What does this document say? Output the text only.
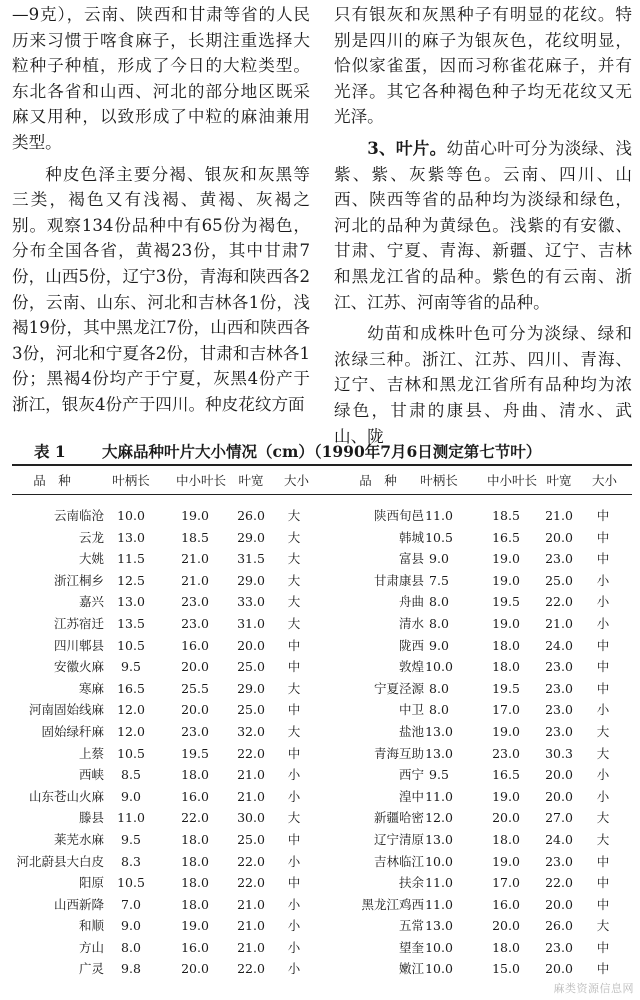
—9克），云南、陕西和甘肃等省的人民历来习惯于喀食麻子，长期注重选择大粒种子种植，形成了今日的大粒类型。东北各省和山西、河北的部分地区既采麻又用种，以致形成了中粒的麻油兼用类型。

种皮色泽主要分褐、银灰和灰黑等三类，褐色又有浅褐、黄褐、灰褐之别。观察134份品种中有65份为褐色，分布全国各省，黄褐23份，其中甘肃7份，山西5份，辽宁3份，青海和陕西各2份，云南、山东、河北和吉林各1份，浅褐19份，其中黑龙江7份，山西和陕西各3份，河北和宁夏各2份，甘肃和吉林各1份；黑褐4份均产于宁夏，灰黑4份产于浙江，银灰4份产于四川。种皮花纹方面

只有银灰和灰黑种子有明显的花纹。特别是四川的麻子为银灰色，花纹明显，恰似家雀蛋，因而习称雀花麻子，并有光泽。其它各种褐色种子均无花纹又无光泽。

3、叶片。幼苗心叶可分为淡绿、浅紫、紫、灰紫等色。云南、四川、山西、陕西等省的品种均为淡绿和绿色，河北的品种为黄绿色。浅紫的有安徽、甘肃、宁夏、青海、新疆、辽宁、吉林和黑龙江省的品种。紫色的有云南、浙江、江苏、河南等省的品种。

幼苗和成株叶色可分为淡绿、绿和浓绿三种。浙江、江苏、四川、青海、辽宁、吉林和黑龙江省所有品种均为浓绿色，甘肃的康县、舟曲、清水、武山、陇

表 1 大麻品种叶片大小情况（cm）（1990年7月6日测定第七节叶）
品　种	叶柄长 中小叶长 叶宽	大小	品　种	叶柄长 中小叶长 叶宽	大小
云南临沧	10.0	19.0	26.0	大	陕西旬邑 11.0	18.5	21.0	中
云龙	13.0	18.5	29.0	大	韩城 10.5	16.5	20.0	中
大姚	11.5	21.0	31.5	大	富县 9.0	19.0	23.0	中
浙江桐乡	12.5	21.0	29.0	大	甘肃康县 7.5	19.0	25.0	小
嘉兴	13.0	23.0	33.0	大	舟曲 8.0	19.5	22.0	小
江苏宿迁	13.5	23.0	31.0	大	清水 8.0	19.0	21.0	小
四川郫县	10.5	16.0	20.0	中	陇西 9.0	18.0	24.0	中
安徽火麻	9.5	20.0	25.0	中	敦煌 10.0	18.0	23.0	中
寒麻	16.5	25.5	29.0	大	宁夏泾源 8.0	19.5	23.0	中
河南固始线麻	12.0	20.0	25.0	中	中卫 8.0	17.0	23.0	小
固始绿秆麻	12.0	23.0	32.0	大	盐池 13.0	19.0	23.0	大
上蔡	10.5	19.5	22.0	中	青海互助 13.0	23.0	30.3	大
西峡	8.5	18.0	21.0	小	西宁 9.5	16.5	20.0	小
山东苍山火麻	9.0	16.0	21.0	小	湟中 11.0	19.0	20.0	小
滕县	11.0	22.0	30.0	大	新疆哈密 12.0	20.0	27.0	大
莱芜水麻	9.5	18.0	25.0	中	辽宁清原 13.0	18.0	24.0	大
河北蔚县大白皮	8.3	18.0	22.0	小	吉林临江 10.0	19.0	23.0	中
阳原	10.5	18.0	22.0	中	扶余 11.0	17.0	22.0	中
山西新降	7.0	18.0	21.0	小	黑龙江鸡西 11.0	16.0	20.0	中
和顺	9.0	19.0	21.0	小	五常 13.0	20.0	26.0	大
方山	8.0	16.0	21.0	小	望奎 10.0	18.0	23.0	中
广灵	9.8	20.0	22.0	小	嫩江 10.0	15.0	20.0	中
麻类资源信息网
